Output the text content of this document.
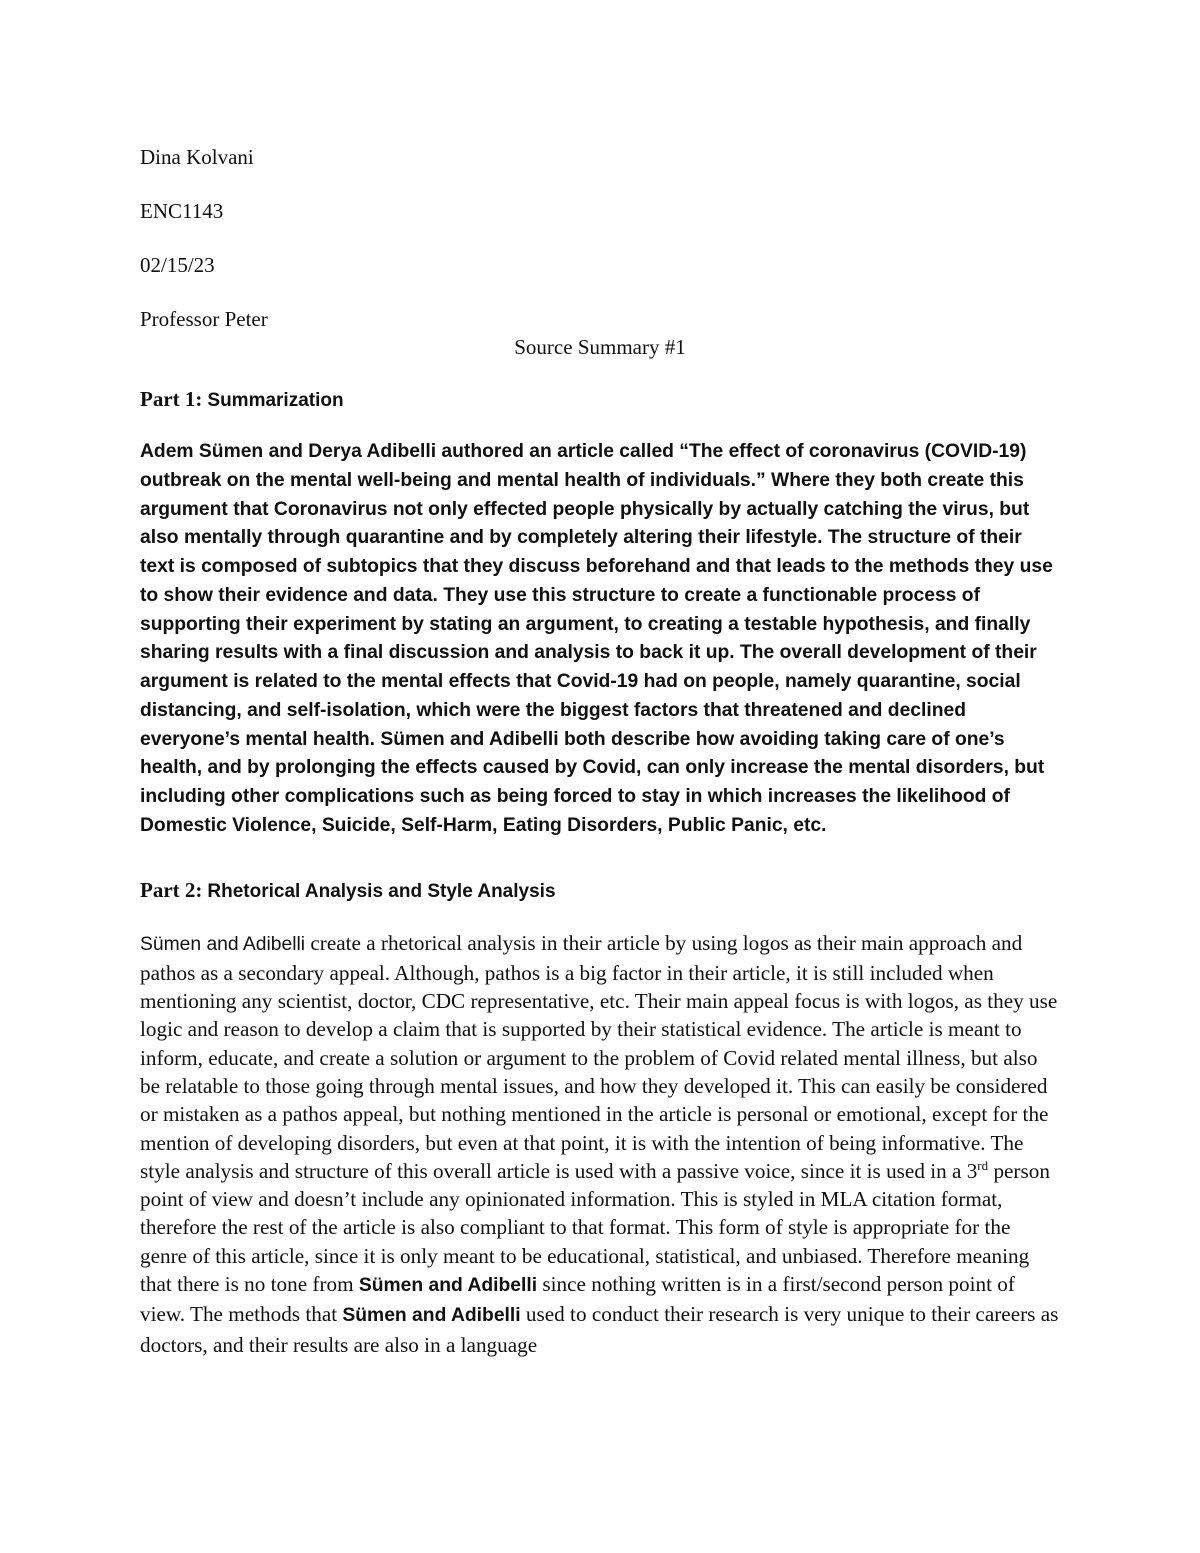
Dina Kolvani

ENC1143

02/15/23

Professor Peter

Source Summary #1

Part 1: Summarization

Adem Sümen and Derya Adibelli authored an article called “The effect of coronavirus (COVID-19) outbreak on the mental well-being and mental health of individuals.” Where they both create this argument that Coronavirus not only effected people physically by actually catching the virus, but also mentally through quarantine and by completely altering their lifestyle. The structure of their text is composed of subtopics that they discuss beforehand and that leads to the methods they use to show their evidence and data. They use this structure to create a functionable process of supporting their experiment by stating an argument, to creating a testable hypothesis, and finally sharing results with a final discussion and analysis to back it up. The overall development of their argument is related to the mental effects that Covid-19 had on people, namely quarantine, social distancing, and self-isolation, which were the biggest factors that threatened and declined everyone’s mental health. Sümen and Adibelli both describe how avoiding taking care of one’s health, and by prolonging the effects caused by Covid, can only increase the mental disorders, but including other complications such as being forced to stay in which increases the likelihood of Domestic Violence, Suicide, Self-Harm, Eating Disorders, Public Panic, etc.

Part 2: Rhetorical Analysis and Style Analysis

Sümen and Adibelli create a rhetorical analysis in their article by using logos as their main approach and pathos as a secondary appeal. Although, pathos is a big factor in their article, it is still included when mentioning any scientist, doctor, CDC representative, etc. Their main appeal focus is with logos, as they use logic and reason to develop a claim that is supported by their statistical evidence. The article is meant to inform, educate, and create a solution or argument to the problem of Covid related mental illness, but also be relatable to those going through mental issues, and how they developed it. This can easily be considered or mistaken as a pathos appeal, but nothing mentioned in the article is personal or emotional, except for the mention of developing disorders, but even at that point, it is with the intention of being informative. The style analysis and structure of this overall article is used with a passive voice, since it is used in a 3rd person point of view and doesn’t include any opinionated information. This is styled in MLA citation format, therefore the rest of the article is also compliant to that format. This form of style is appropriate for the genre of this article, since it is only meant to be educational, statistical, and unbiased. Therefore meaning that there is no tone from Sümen and Adibelli since nothing written is in a first/second person point of view. The methods that Sümen and Adibelli used to conduct their research is very unique to their careers as doctors, and their results are also in a language
